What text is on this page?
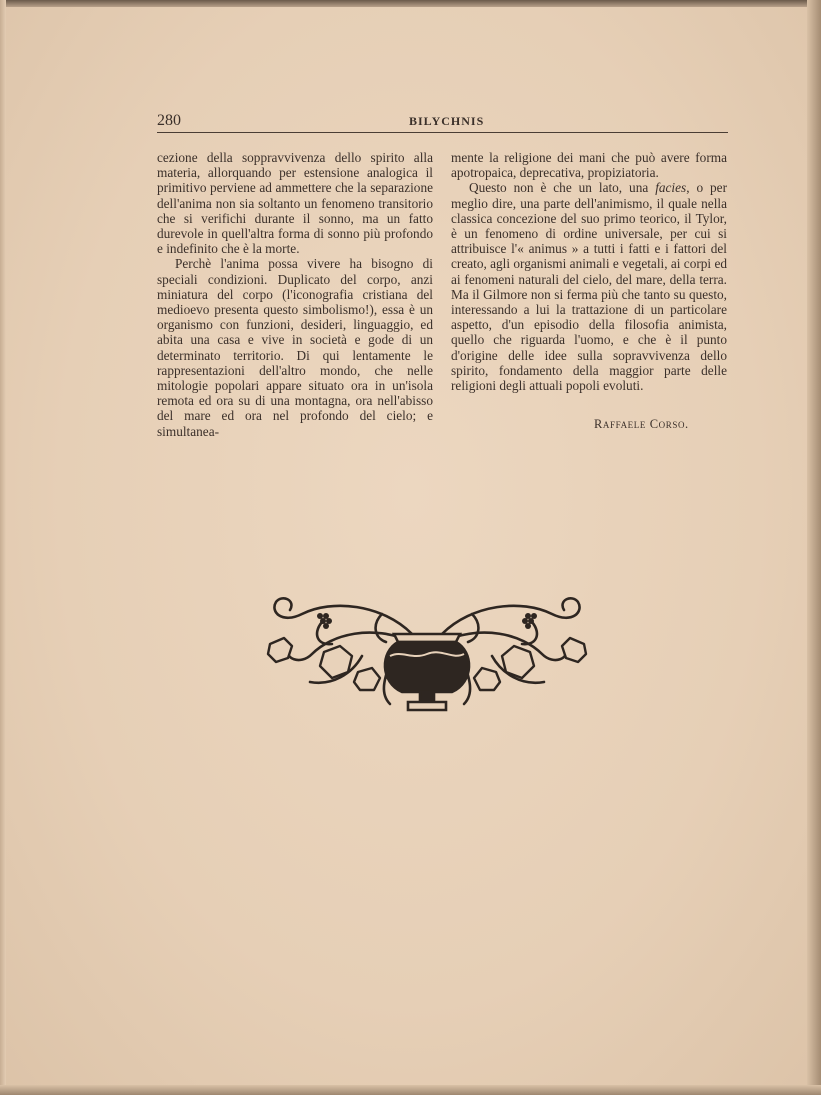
280	BILYCHNIS

cezione della soppravvivenza dello spirito alla materia, allorquando per estensione analogica il primitivo perviene ad ammettere che la separazione dell'anima non sia soltanto un fenomeno transitorio che si verifichi durante il sonno, ma un fatto durevole in quell'altra forma di sonno più profondo e indefinito che è la morte.

Perchè l'anima possa vivere ha bisogno di speciali condizioni. Duplicato del corpo, anzi miniatura del corpo (l'iconografia cristiana del medioevo presenta questo simbolismo!), essa è un organismo con funzioni, desideri, linguaggio, ed abita una casa e vive in società e gode di un determinato territorio. Di qui lentamente le rappresentazioni dell'altro mondo, che nelle mitologie popolari appare situato ora in un'isola remota ed ora su di una montagna, ora nell'abisso del mare ed ora nel profondo del cielo; e simultanea-

mente la religione dei mani che può avere forma apotropaica, deprecativa, propiziatoria.

Questo non è che un lato, una facies, o per meglio dire, una parte dell'animismo, il quale nella classica concezione del suo primo teorico, il Tylor, è un fenomeno di ordine universale, per cui si attribuisce l'« animus » a tutti i fatti e i fattori del creato, agli organismi animali e vegetali, ai corpi ed ai fenomeni naturali del cielo, del mare, della terra. Ma il Gilmore non si ferma più che tanto su questo, interessando a lui la trattazione di un particolare aspetto, d'un episodio della filosofia animista, quello che riguarda l'uomo, e che è il punto d'origine delle idee sulla sopravvivenza dello spirito, fondamento della maggior parte delle religioni degli attuali popoli evoluti.

Raffaele Corso.
